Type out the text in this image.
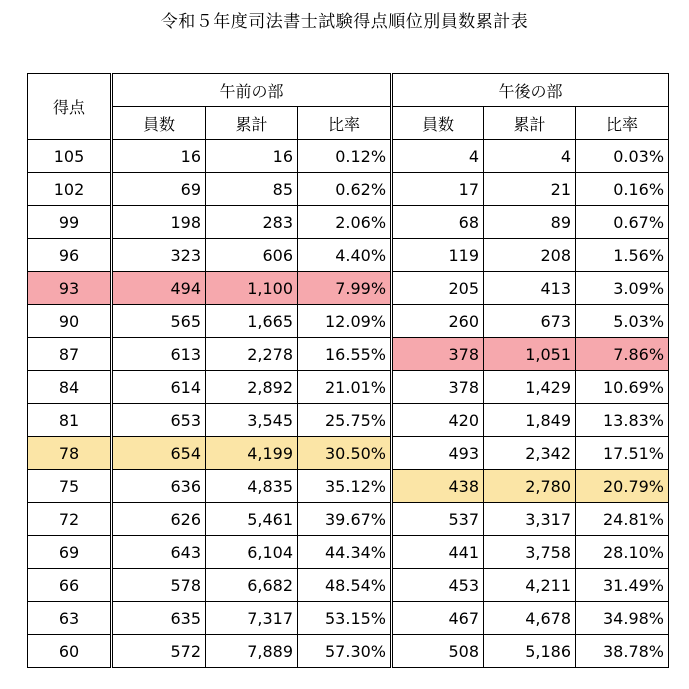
令和５年度司法書士試験得点順位別員数累計表
得点	午前の部			午後の部		
	員数	累計	比率	員数	累計	比率
105	16	16	0.12%	4	4	0.03%
102	69	85	0.62%	17	21	0.16%
99	198	283	2.06%	68	89	0.67%
96	323	606	4.40%	119	208	1.56%
93	494	1,100	7.99%	205	413	3.09%
90	565	1,665	12.09%	260	673	5.03%
87	613	2,278	16.55%	378	1,051	7.86%
84	614	2,892	21.01%	378	1,429	10.69%
81	653	3,545	25.75%	420	1,849	13.83%
78	654	4,199	30.50%	493	2,342	17.51%
75	636	4,835	35.12%	438	2,780	20.79%
72	626	5,461	39.67%	537	3,317	24.81%
69	643	6,104	44.34%	441	3,758	28.10%
66	578	6,682	48.54%	453	4,211	31.49%
63	635	7,317	53.15%	467	4,678	34.98%
60	572	7,889	57.30%	508	5,186	38.78%
